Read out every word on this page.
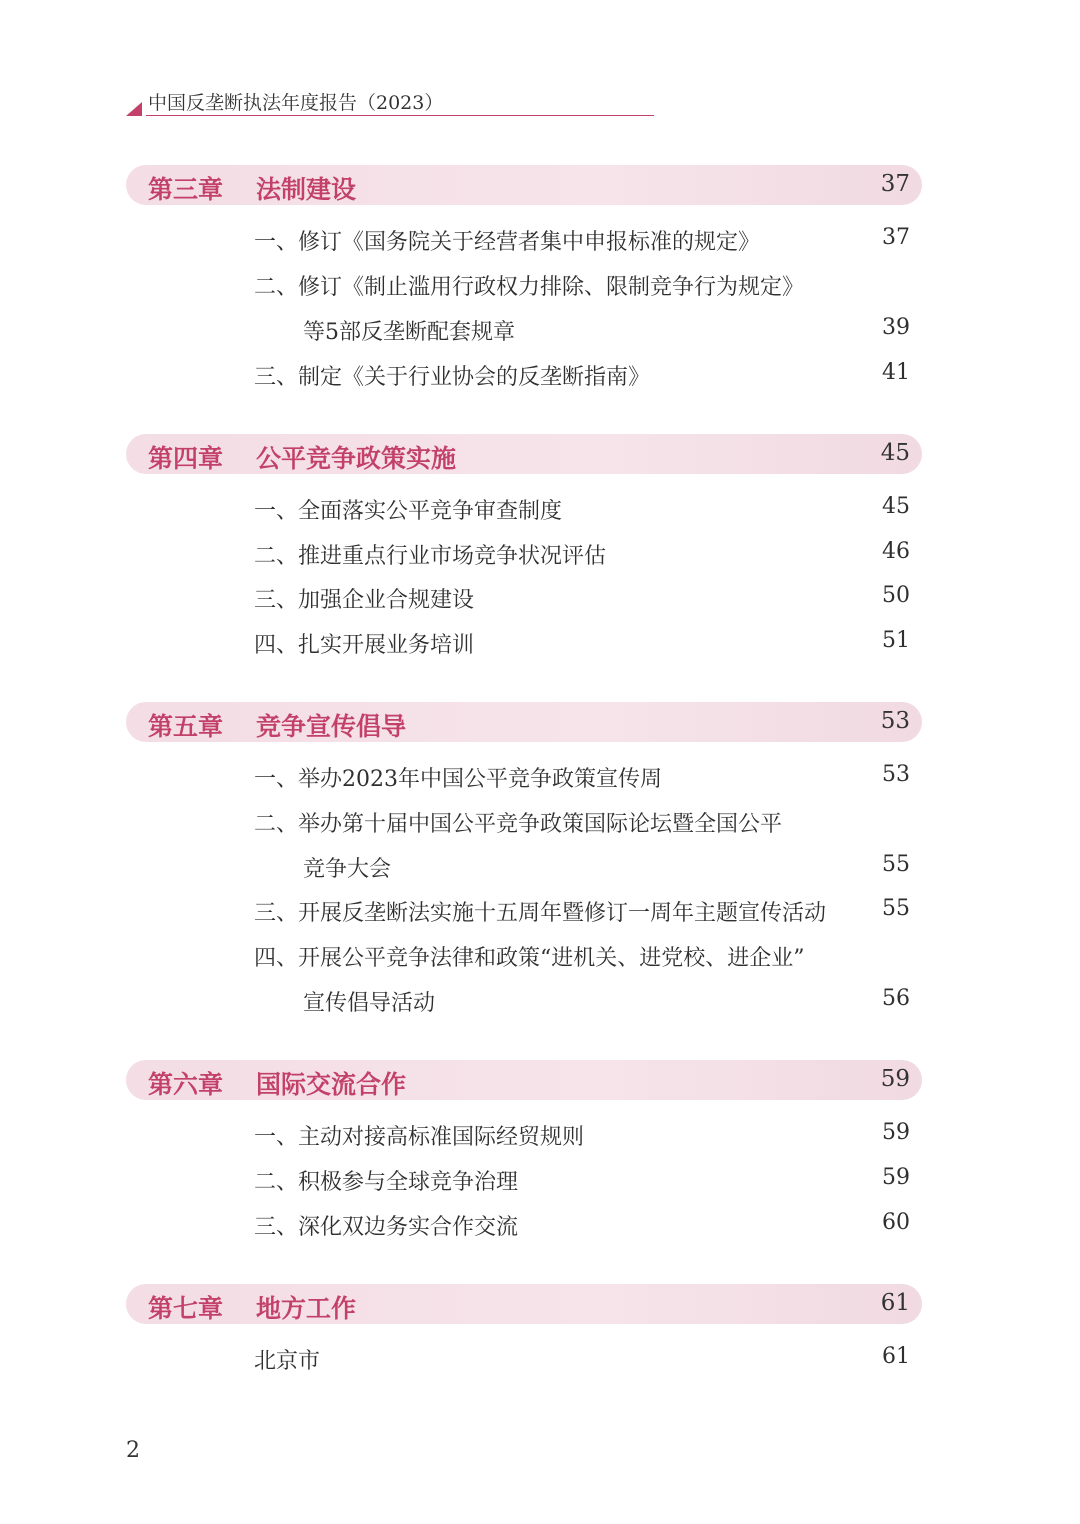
中国反垄断执法年度报告（2023）
第三章 法制建设	37
一、修订《国务院关于经营者集中申报标准的规定》	37
二、修订《制止滥用行政权力排除、限制竞争行为规定》
等5部反垄断配套规章	39
三、制定《关于行业协会的反垄断指南》	41
第四章 公平竞争政策实施	45
一、全面落实公平竞争审查制度	45
二、推进重点行业市场竞争状况评估	46
三、加强企业合规建设	50
四、扎实开展业务培训	51
第五章 竞争宣传倡导	53
一、举办2023年中国公平竞争政策宣传周	53
二、举办第十届中国公平竞争政策国际论坛暨全国公平
竞争大会	55
三、开展反垄断法实施十五周年暨修订一周年主题宣传活动	55
四、开展公平竞争法律和政策“进机关、进党校、进企业”
宣传倡导活动	56
第六章 国际交流合作	59
一、主动对接高标准国际经贸规则	59
二、积极参与全球竞争治理	59
三、深化双边务实合作交流	60
第七章 地方工作	61
北京市	61
2
